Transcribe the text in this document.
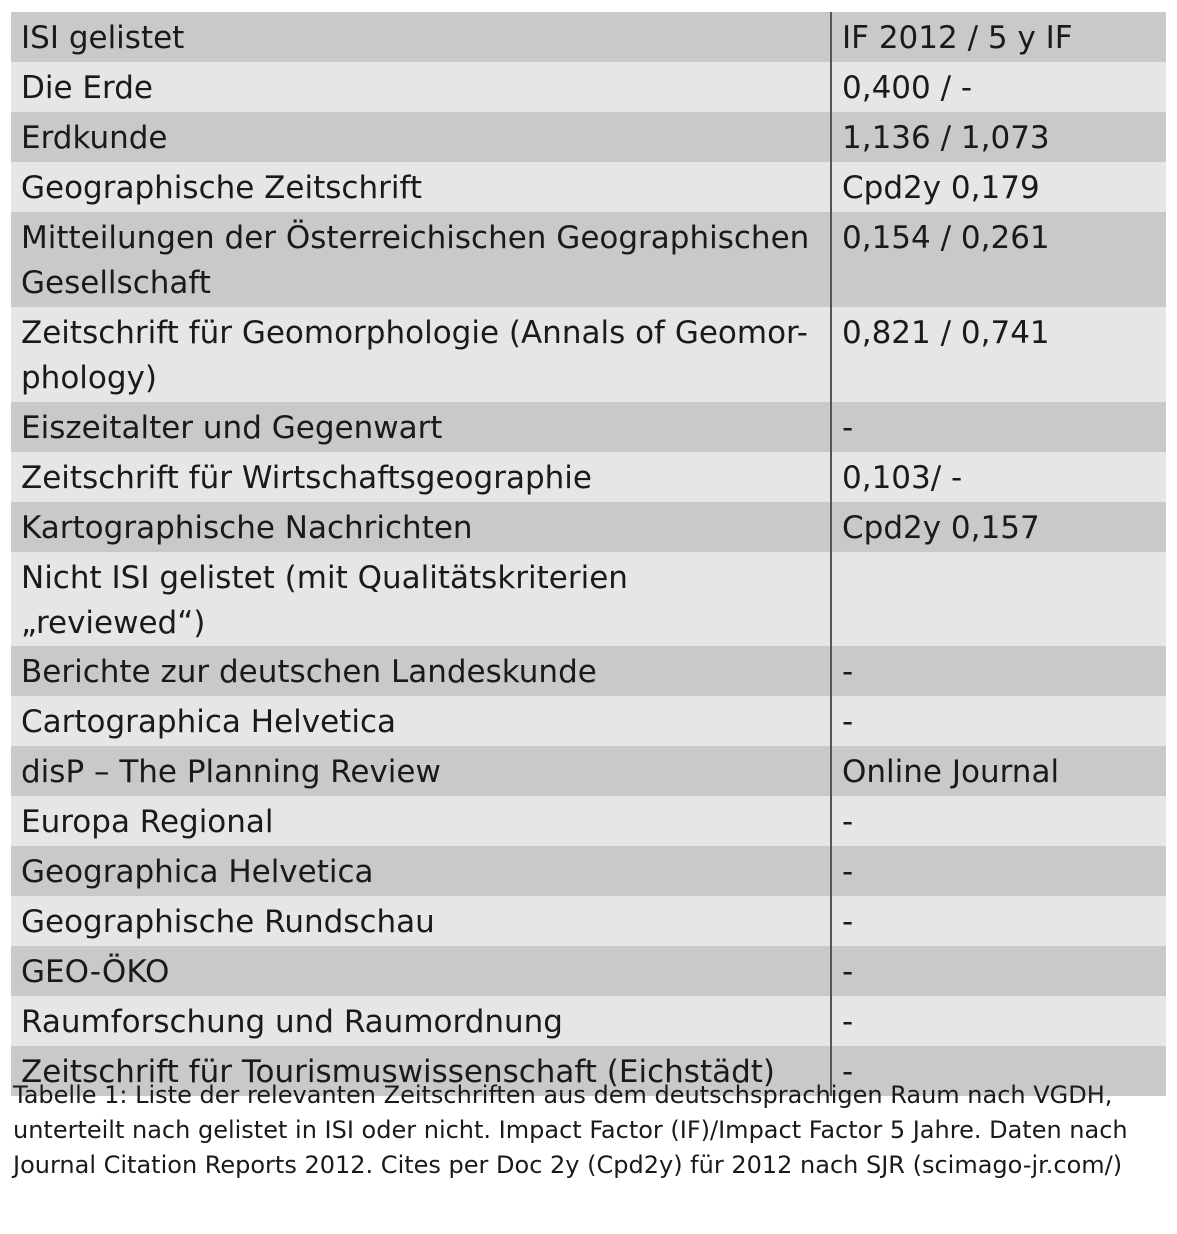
ISI gelistet	IF 2012 / 5 y IF
Die Erde	0,400 / -
Erdkunde	1,136 / 1,073
Geographische Zeitschrift	Cpd2y 0,179
Mitteilungen der Österreichischen Geographischen Gesellschaft	0,154 / 0,261
Zeitschrift für Geomorphologie (Annals of Geomor-phology)	0,821 / 0,741
Eiszeitalter und Gegenwart	-
Zeitschrift für Wirtschaftsgeographie	0,103/ -
Kartographische Nachrichten	Cpd2y 0,157
Nicht ISI gelistet (mit Qualitätskriterien „reviewed“)	
Berichte zur deutschen Landeskunde	-
Cartographica Helvetica	-
disP – The Planning Review	Online Journal
Europa Regional	-
Geographica Helvetica	-
Geographische Rundschau	-
GEO-ÖKO	-
Raumforschung und Raumordnung	-
Zeitschrift für Tourismuswissenschaft (Eichstädt)	-
Tabelle 1: Liste der relevanten Zeitschriften aus dem deutschsprachigen Raum nach VGDH, unterteilt nach gelistet in ISI oder nicht. Impact Factor (IF)/Impact Factor 5 Jahre. Daten nach Journal Citation Reports 2012. Cites per Doc 2y (Cpd2y) für 2012 nach SJR (scimago-jr.com/)
